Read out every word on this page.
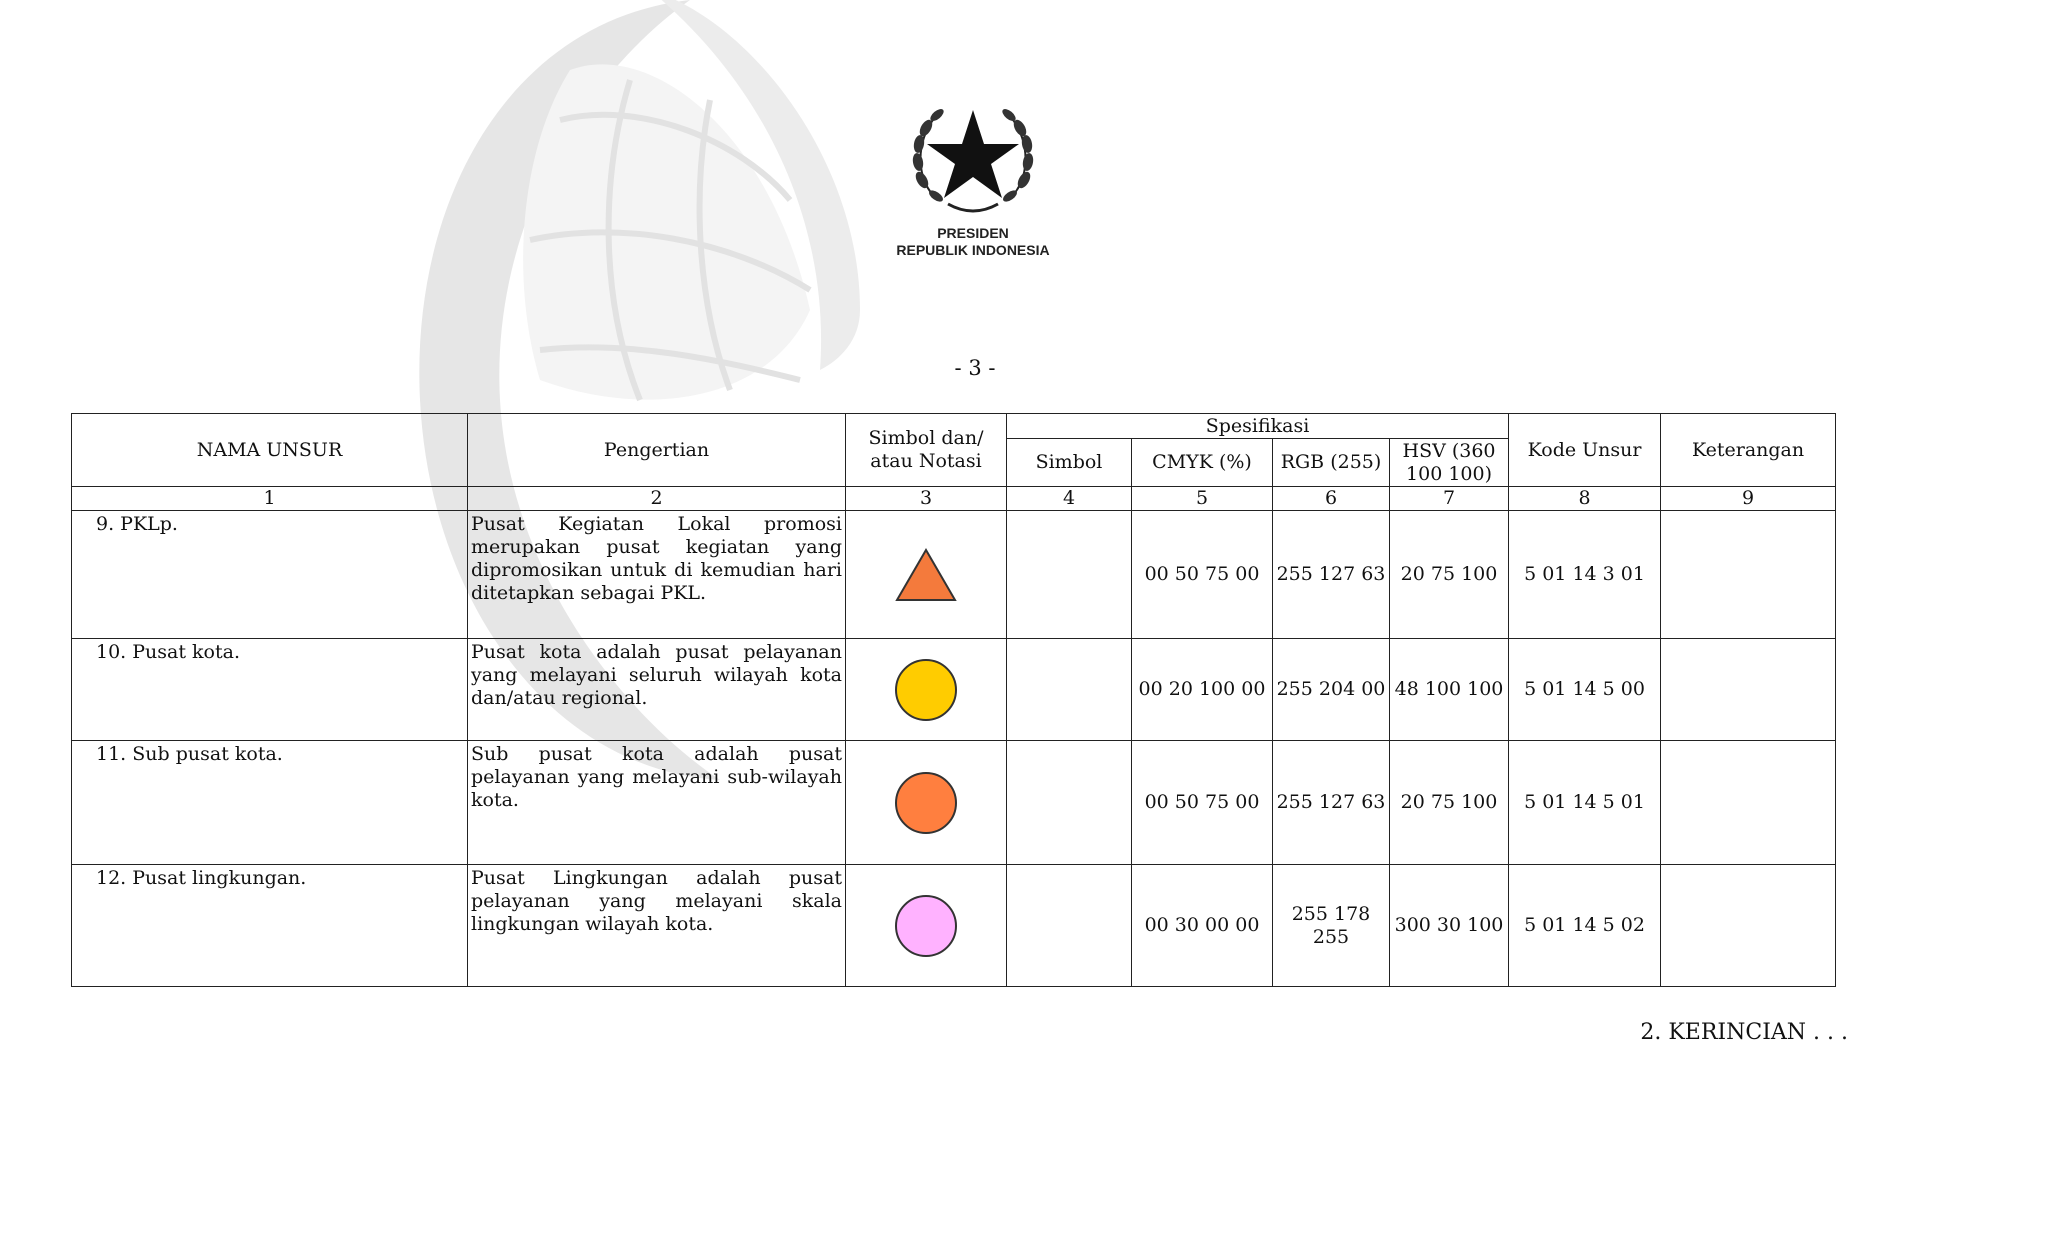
PRESIDEN
REPUBLIK INDONESIA
- 3 -
NAMA UNSUR	Pengertian	Simbol dan/ atau Notasi	Spesifikasi				Kode Unsur	Keterangan
			Simbol	CMYK (%)	RGB (255)	HSV (360 100 100)		
1	2	3	4	5	6	7	8	9
9. PKLp.	Pusat Kegiatan Lokal promosi merupakan pusat kegiatan yang dipromosikan untuk di kemudian hari ditetapkan sebagai PKL.			00 50 75 00	255 127 63	20 75 100	5 01 14 3 01	
10. Pusat kota.	Pusat kota adalah pusat pelayanan yang melayani seluruh wilayah kota dan/atau regional.			00 20 100 00	255 204 00	48 100 100	5 01 14 5 00	
11. Sub pusat kota.	Sub pusat kota adalah pusat pelayanan yang melayani sub-wilayah kota.			00 50 75 00	255 127 63	20 75 100	5 01 14 5 01	
12. Pusat lingkungan.	Pusat Lingkungan adalah pusat pelayanan yang melayani skala lingkungan wilayah kota.			00 30 00 00	255 178 255	300 30 100	5 01 14 5 02	
2. KERINCIAN . . .
